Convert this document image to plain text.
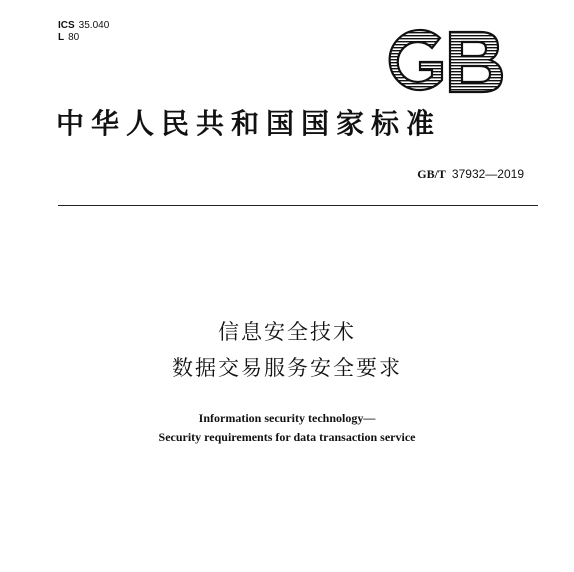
ICS 35.040
L 80
中华人民共和国国家标准
GB/T 37932—2019
信息安全技术
数据交易服务安全要求
Information security technology—
Security requirements for data transaction service
